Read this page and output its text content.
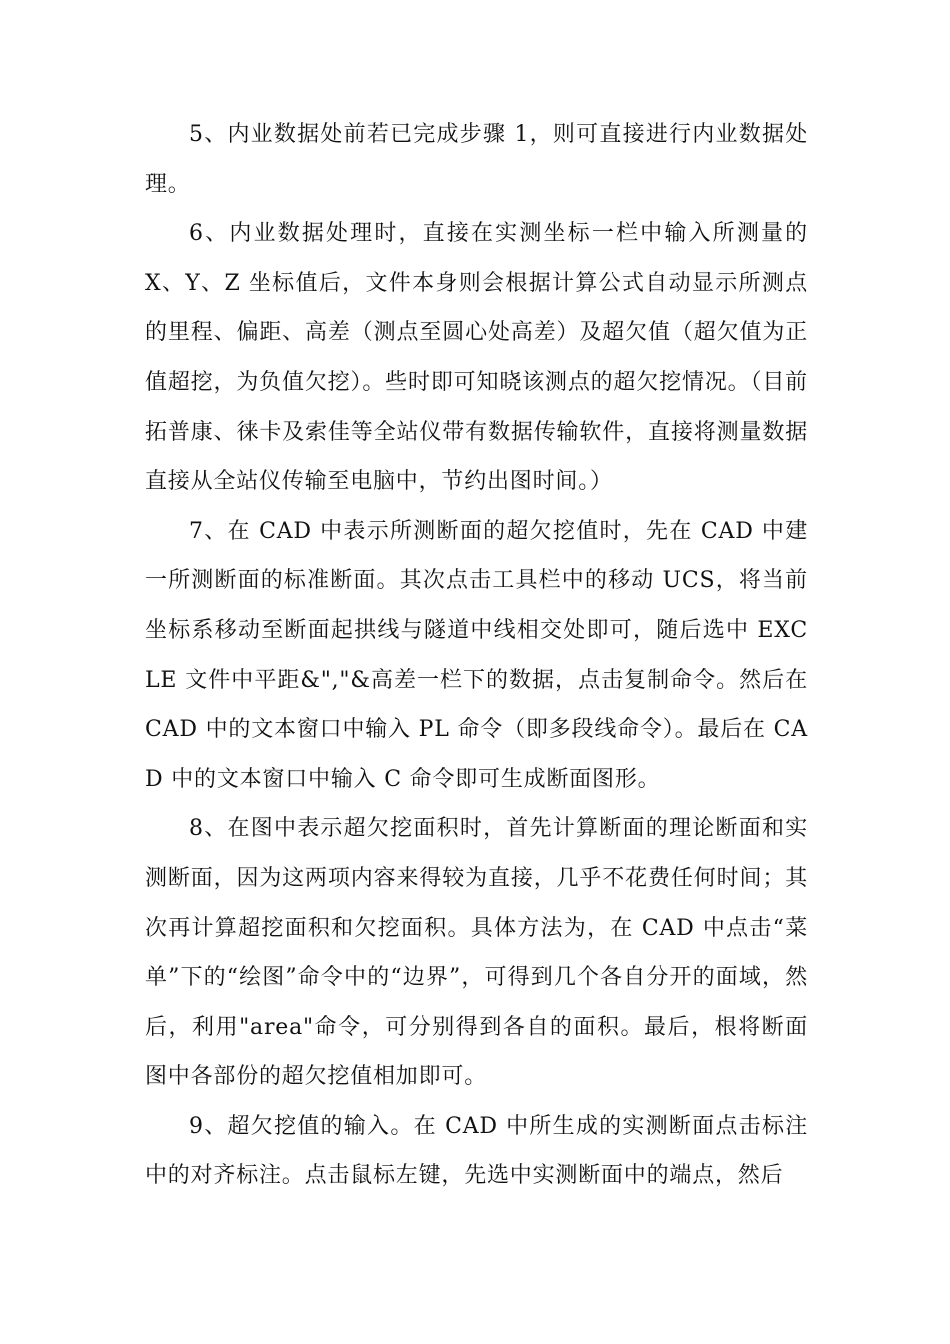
5、内业数据处前若已完成步骤 1，则可直接进行内业数据处理。

6、内业数据处理时，直接在实测坐标一栏中输入所测量的 X、Y、Z 坐标值后，文件本身则会根据计算公式自动显示所测点的里程、偏距、高差（测点至圆心处高差）及超欠值（超欠值为正值超挖，为负值欠挖）。些时即可知晓该测点的超欠挖情况。（目前拓普康、徕卡及索佳等全站仪带有数据传输软件，直接将测量数据直接从全站仪传输至电脑中，节约出图时间。）

7、在 CAD 中表示所测断面的超欠挖值时，先在 CAD 中建一所测断面的标准断面。其次点击工具栏中的移动 UCS，将当前坐标系移动至断面起拱线与隧道中线相交处即可，随后选中 EXCLE 文件中平距&","&高差一栏下的数据，点击复制命令。然后在 CAD 中的文本窗口中输入 PL 命令（即多段线命令）。最后在 CAD 中的文本窗口中输入 C 命令即可生成断面图形。

8、在图中表示超欠挖面积时，首先计算断面的理论断面和实测断面，因为这两项内容来得较为直接，几乎不花费任何时间；其次再计算超挖面积和欠挖面积。具体方法为，在 CAD 中点击“菜单”下的“绘图”命令中的“边界”，可得到几个各自分开的面域，然后，利用"area"命令，可分别得到各自的面积。最后，根将断面图中各部份的超欠挖值相加即可。

9、超欠挖值的输入。在 CAD 中所生成的实测断面点击标注中的对齐标注。点击鼠标左键，先选中实测断面中的端点，然后
